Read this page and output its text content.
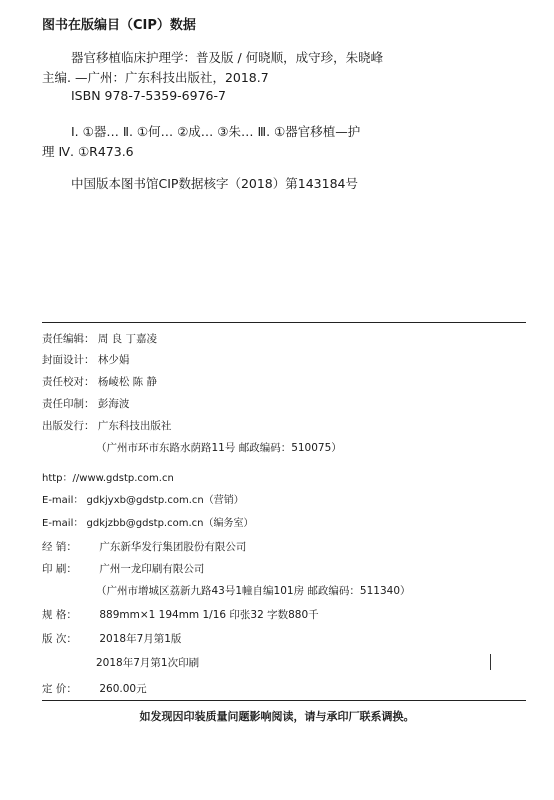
图书在版编目（CIP）数据
器官移植临床护理学：普及版 / 何晓顺，成守珍，朱晓峰
主编. —广州：广东科技出版社，2018.7
ISBN 978-7-5359-6976-7
Ⅰ. ①器… Ⅱ. ①何… ②成… ③朱… Ⅲ. ①器官移植—护
理 Ⅳ. ①R473.6
中国版本图书馆CIP数据核字（2018）第143184号
责任编辑： 周 良 丁嘉凌
封面设计： 林少娟
责任校对： 杨崚松 陈 静
责任印制： 彭海波
出版发行： 广东科技出版社
（广州市环市东路水荫路11号 邮政编码：510075）
http：//www.gdstp.com.cn
E-mail： gdkjyxb@gdstp.com.cn（营销）
E-mail： gdkjzbb@gdstp.com.cn（编务室）
经 销： 广东新华发行集团股份有限公司
印 刷： 广州一龙印刷有限公司
（广州市增城区荔新九路43号1幢自编101房 邮政编码：511340）
规 格： 889mm×1 194mm 1/16 印张32 字数880千
版 次： 2018年7月第1版
2018年7月第1次印刷
定 价： 260.00元
如发现因印装质量问题影响阅读，请与承印厂联系调换。
